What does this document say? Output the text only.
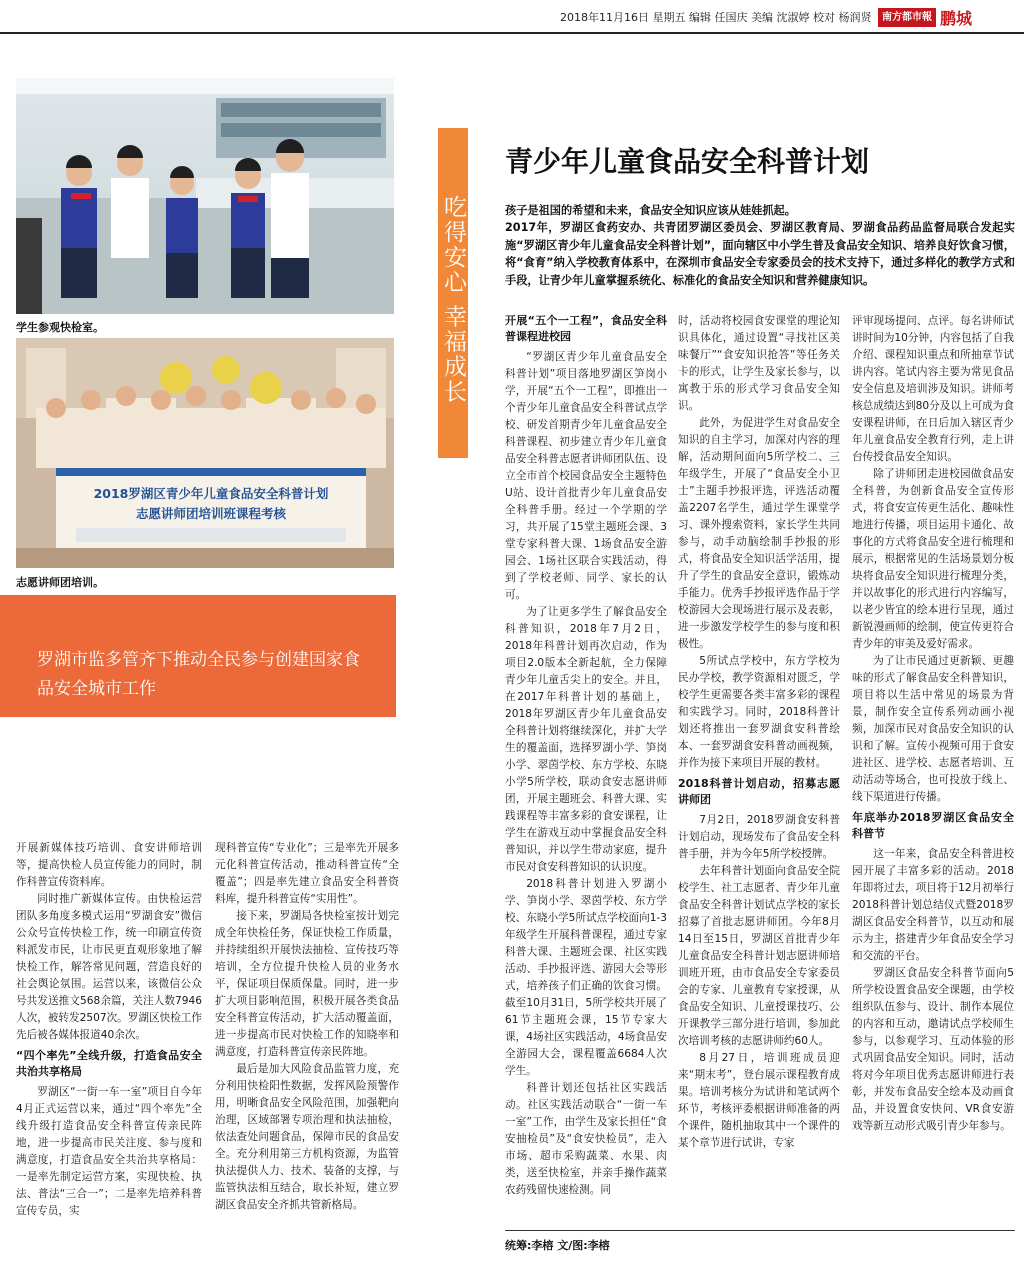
2018年11月16日 星期五 编辑 任国庆 美编 沈淑婷 校对 杨润贤	南方都市報 鹏城
学生参观快检室。
2018罗湖区青少年儿童食品安全科普计划
志愿讲师团培训班课程考核
志愿讲师团培训。
罗湖市监多管齐下推动全民参与创建国家食品安全城市工作
吃得安心 幸福成长
青少年儿童食品安全科普计划

孩子是祖国的希望和未来，食品安全知识应该从娃娃抓起。

2017年，罗湖区食药安办、共青团罗湖区委员会、罗湖区教育局、罗湖食品药品监督局联合发起实施“罗湖区青少年儿童食品安全科普计划”，面向辖区中小学生普及食品安全知识、培养良好饮食习惯，将“食育”纳入学校教育体系中，在深圳市食品安全专家委员会的技术支持下，通过多样化的教学方式和手段，让青少年儿童掌握系统化、标准化的食品安全知识和营养健康知识。

开展新媒体技巧培训、食安讲师培训等，提高快检人员宣传能力的同时，制作科普宣传资料库。

同时推广新媒体宣传。由快检运营团队多角度多模式运用“罗湖食安”微信公众号宣传快检工作，统一印刷宣传资料派发市民，让市民更直观形象地了解快检工作，解答常见问题，营造良好的社会舆论氛围。运营以来，该微信公众号共发送推文568余篇，关注人数7946人次，被转发2507次。罗湖区快检工作先后被各媒体报道40余次。

“四个率先”全线升级，打造食品安全共治共享格局

罗湖区“一街一车一室”项目自今年4月正式运营以来，通过“四个率先”全线升级打造食品安全科普宣传亲民阵地，进一步提高市民关注度、参与度和满意度，打造食品安全共治共享格局：一是率先制定运营方案，实现快检、执法、普法“三合一”；二是率先培养科普宣传专员，实

现科普宣传“专业化”；三是率先开展多元化科普宣传活动，推动科普宣传“全覆盖”；四是率先建立食品安全科普资料库，提升科普宣传“实用性”。

接下来，罗湖局各快检室按计划完成全年快检任务，保证快检工作质量，并持续组织开展快法抽检、宣传技巧等培训，全方位提升快检人员的业务水平，保证项目保质保量。同时，进一步扩大项目影响范围，积极开展各类食品安全科普宣传活动，扩大活动覆盖面，进一步提高市民对快检工作的知晓率和满意度，打造科普宣传亲民阵地。

最后是加大风险食品监管力度，充分利用快检阳性数据，发挥风险预警作用，明晰食品安全风险范围，加强靶向治理，区域部署专项治理和执法抽检，依法查处问题食品，保障市民的食品安全。充分利用第三方机构资源，为监管执法提供人力、技术、装备的支撑，与监管执法相互结合，取长补短，建立罗湖区食品安全齐抓共管新格局。

开展“五个一工程”，食品安全科普课程进校园

“罗湖区青少年儿童食品安全科普计划”项目落地罗湖区笋岗小学，开展“五个一工程”，即推出一个青少年儿童食品安全科普试点学校、研发首期青少年儿童食品安全科普课程、初步建立青少年儿童食品安全科普志愿者讲师团队伍、设立全市首个校园食品安全主题特色U站、设计首批青少年儿童食品安全科普手册。经过一个学期的学习，共开展了15堂主题班会课、3堂专家科普大课、1场食品安全游园会、1场社区联合实践活动，得到了学校老师、同学、家长的认可。

为了让更多学生了解食品安全科普知识，2018年7月2日，2018年科普计划再次启动，作为项目2.0版本全新起航，全力保障青少年儿童舌尖上的安全。并且，在2017年科普计划的基础上，2018年罗湖区青少年儿童食品安全科普计划将继续深化，并扩大学生的覆盖面，选择罗湖小学、笋岗小学、翠茵学校、东方学校、东晓小学5所学校，联动食安志愿讲师团，开展主题班会、科普大课、实践课程等丰富多彩的食安课程，让学生在游戏互动中掌握食品安全科普知识，并以学生带动家庭，提升市民对食安科普知识的认识度。

2018科普计划进入罗湖小学、笋岗小学、翠茵学校、东方学校、东晓小学5所试点学校面向1-3年级学生开展科普课程，通过专家科普大课、主题班会课、社区实践活动、手抄报评选、游园大会等形式，培养孩子们正确的饮食习惯。截至10月31日，5所学校共开展了61节主题班会课，15节专家大课，4场社区实践活动，4场食品安全游园大会，课程覆盖6684人次学生。

科普计划还包括社区实践活动。社区实践活动联合“一街一车一室”工作，由学生及家长担任“食安抽检员”及“食安快检员”，走入市场、超市采购蔬菜、水果、肉类，送至快检室，并亲手操作蔬菜农药残留快速检测。同

时，活动将校园食安课堂的理论知识具体化，通过设置“寻找社区美味餐厅”“食安知识抢答”等任务关卡的形式，让学生及家长参与，以寓教于乐的形式学习食品安全知识。

此外，为促进学生对食品安全知识的自主学习，加深对内容的理解，活动期间面向5所学校二、三年级学生，开展了“食品安全小卫士”主题手抄报评选，评选活动覆盖2207名学生，通过学生课堂学习、课外搜索资料，家长学生共同参与，动手动脑绘制手抄报的形式，将食品安全知识活学活用，提升了学生的食品安全意识，锻炼动手能力。优秀手抄报评选作品于学校游园大会现场进行展示及表彰，进一步激发学校学生的参与度和积极性。

5所试点学校中，东方学校为民办学校，教学资源相对匮乏，学校学生更需要各类丰富多彩的课程和实践学习。同时，2018科普计划还将推出一套罗湖食安科普绘本、一套罗湖食安科普动画视频，并作为接下来项目开展的教材。

2018科普计划启动，招募志愿讲师团

7月2日，2018罗湖食安科普计划启动，现场发布了食品安全科普手册，并为今年5所学校授牌。

去年科普计划面向食品安全院校学生、社工志愿者、青少年儿童食品安全科普计划试点学校的家长招募了首批志愿讲师团。今年8月14日至15日，罗湖区首批青少年儿童食品安全科普计划志愿讲师培训班开班，由市食品安全专家委员会的专家、儿童教育专家授课，从食品安全知识、儿童授课技巧、公开课教学三部分进行培训，参加此次培训考核的志愿讲师约60人。

8月27日，培训班成员迎来“期末考”，登台展示课程教育成果。培训考核分为试讲和笔试两个环节，考核评委根据讲师准备的两个课件，随机抽取其中一个课件的某个章节进行试讲，专家

评审现场提问、点评。每名讲师试讲时间为10分钟，内容包括了自我介绍、课程知识重点和所抽章节试讲内容。笔试内容主要为常见食品安全信息及培训涉及知识。讲师考核总成绩达到80分及以上可成为食安课程讲师，在日后加入辖区青少年儿童食品安全教育行列，走上讲台传授食品安全知识。

除了讲师团走进校园做食品安全科普，为创新食品安全宣传形式，将食安宣传更生活化、趣味性地进行传播，项目运用卡通化、故事化的方式将食品安全进行梳理和展示，根据常见的生活场景划分板块将食品安全知识进行梳理分类，并以故事化的形式进行内容编写，以老少皆宜的绘本进行呈现，通过新锐漫画师的绘制，使宣传更符合青少年的审美及爱好需求。

为了让市民通过更新颖、更趣味的形式了解食品安全科普知识，项目将以生活中常见的场景为背景，制作安全宣传系列动画小视频，加深市民对食品安全知识的认识和了解。宣传小视频可用于食安进社区、进学校、志愿者培训、互动活动等场合，也可投放于线上、线下渠道进行传播。

年底举办2018罗湖区食品安全科普节

这一年来，食品安全科普进校园开展了丰富多彩的活动。2018年即将过去，项目将于12月初举行2018科普计划总结仪式暨2018罗湖区食品安全科普节，以互动和展示为主，搭建青少年食品安全学习和交流的平台。

罗湖区食品安全科普节面向5所学校设置食品安全课题，由学校组织队伍参与、设计、制作本展位的内容和互动，邀请试点学校师生参与，以参观学习、互动体验的形式巩固食品安全知识。同时，活动将对今年项目优秀志愿讲师进行表彰，并发布食品安全绘本及动画食品，并设置食安快问、VR食安游戏等新互动形式吸引青少年参与。

统筹:李榕 文/图:李榕
